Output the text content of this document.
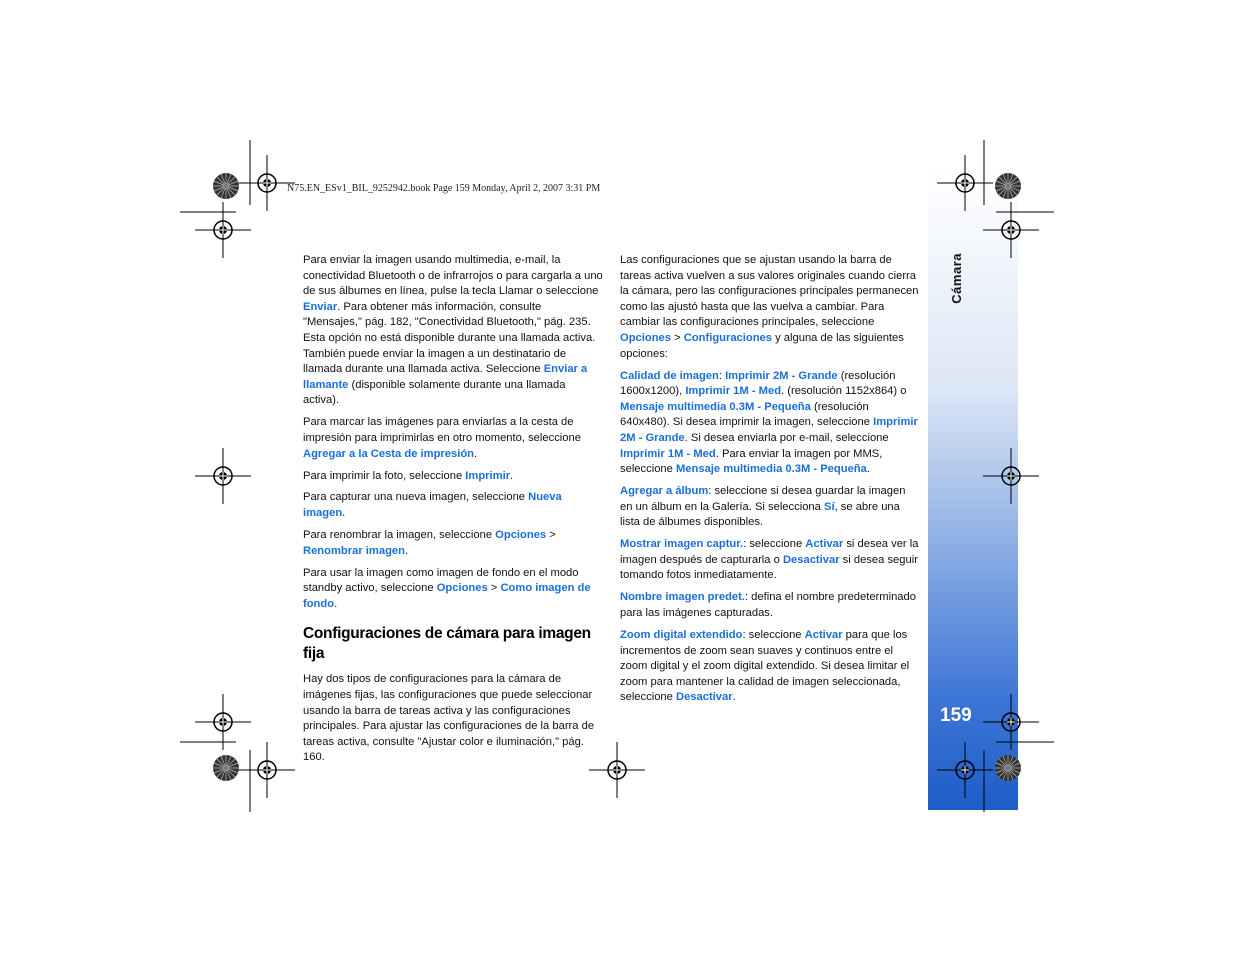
Cámara
159
N75.EN_ESv1_BIL_9252942.book Page 159 Monday, April 2, 2007 3:31 PM

Para enviar la imagen usando multimedia, e-mail, la conectividad Bluetooth o de infrarrojos o para cargarla a uno de sus álbumes en línea, pulse la tecla Llamar o seleccione Enviar. Para obtener más información, consulte "Mensajes," pág. 182, "Conectividad Bluetooth," pág. 235. Esta opción no está disponible durante una llamada activa. También puede enviar la imagen a un destinatario de llamada durante una llamada activa. Seleccione Enviar a llamante (disponible solamente durante una llamada activa).

Para marcar las imágenes para enviarlas a la cesta de impresión para imprimirlas en otro momento, seleccione Agregar a la Cesta de impresión.

Para imprimir la foto, seleccione Imprimir.

Para capturar una nueva imagen, seleccione Nueva imagen.

Para renombrar la imagen, seleccione Opciones > Renombrar imagen.

Para usar la imagen como imagen de fondo en el modo standby activo, seleccione Opciones > Como imagen de fondo.

Configuraciones de cámara para imagen fija

Hay dos tipos de configuraciones para la cámara de imágenes fijas, las configuraciones que puede seleccionar usando la barra de tareas activa y las configuraciones principales. Para ajustar las configuraciones de la barra de tareas activa, consulte "Ajustar color e iluminación," pág. 160.

Las configuraciones que se ajustan usando la barra de tareas activa vuelven a sus valores originales cuando cierra la cámara, pero las configuraciones principales permanecen como las ajustó hasta que las vuelva a cambiar. Para cambiar las configuraciones principales, seleccione Opciones > Configuraciones y alguna de las siguientes opciones:

Calidad de imagen: Imprimir 2M - Grande (resolución 1600x1200), Imprimir 1M - Med. (resolución 1152x864) o Mensaje multimedia 0.3M - Pequeña (resolución 640x480). Si desea imprimir la imagen, seleccione Imprimir 2M - Grande. Si desea enviarla por e-mail, seleccione Imprimir 1M - Med. Para enviar la imagen por MMS, seleccione Mensaje multimedia 0.3M - Pequeña.

Agregar a álbum: seleccione si desea guardar la imagen en un álbum en la Galería. Si selecciona Sí, se abre una lista de álbumes disponibles.

Mostrar imagen captur.: seleccione Activar si desea ver la imagen después de capturarla o Desactivar si desea seguir tomando fotos inmediatamente.

Nombre imagen predet.: defina el nombre predeterminado para las imágenes capturadas.

Zoom digital extendido: seleccione Activar para que los incrementos de zoom sean suaves y continuos entre el zoom digital y el zoom digital extendido. Si desea limitar el zoom para mantener la calidad de imagen seleccionada, seleccione Desactivar.
